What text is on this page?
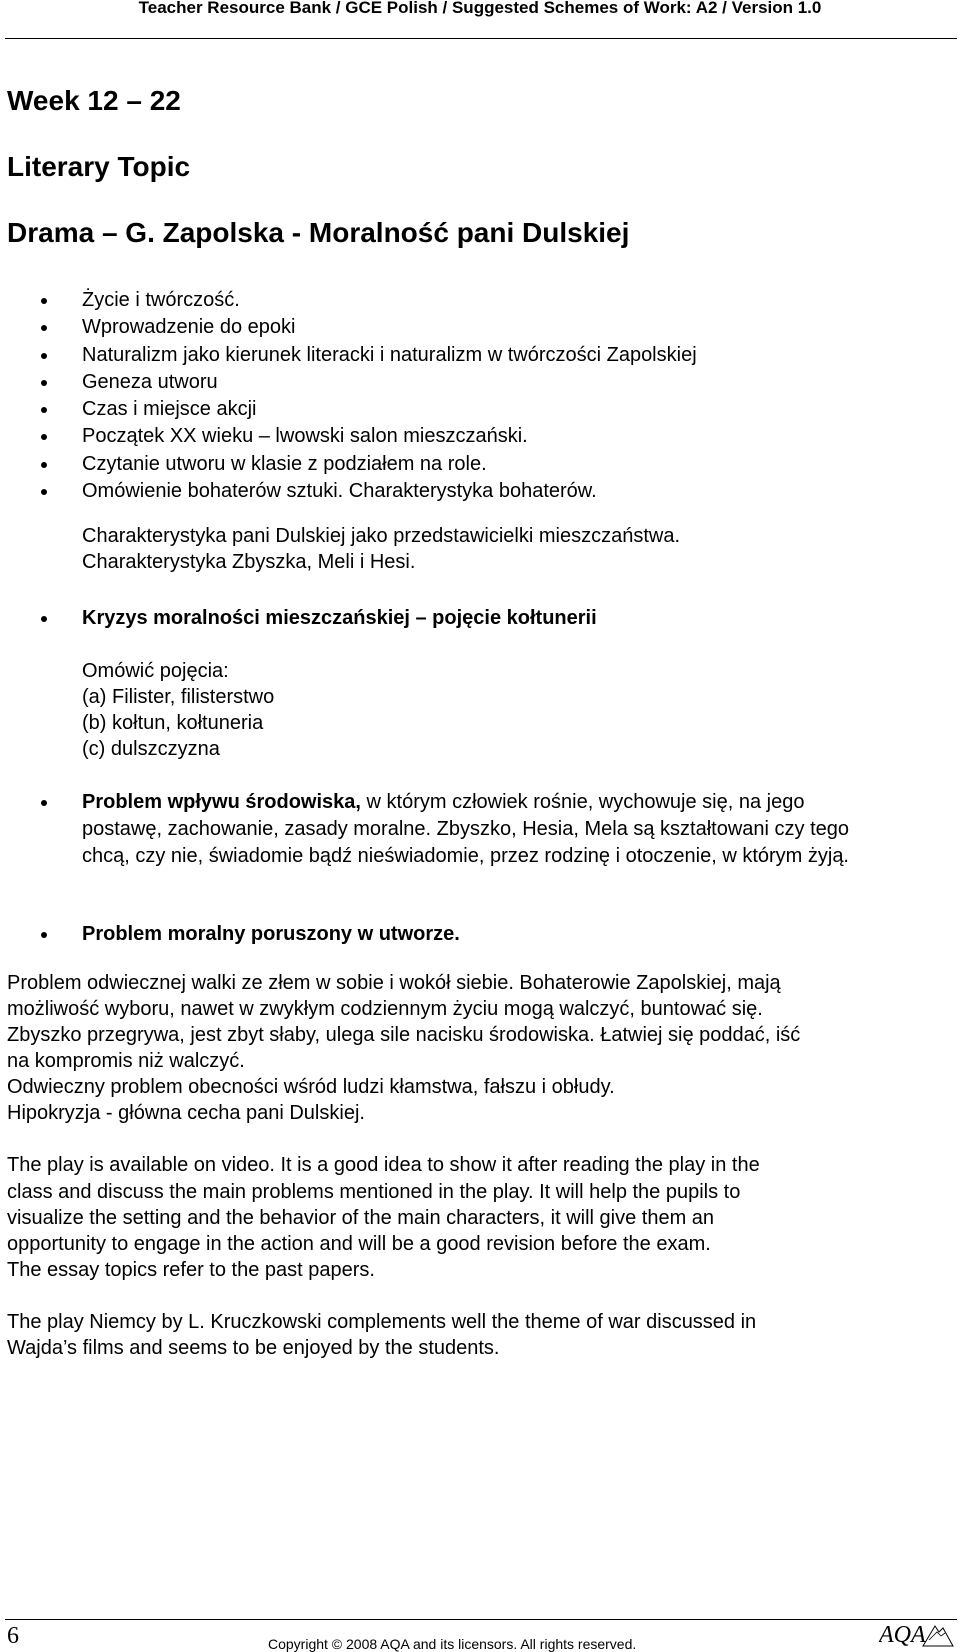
Teacher Resource Bank / GCE Polish / Suggested Schemes of Work: A2 / Version 1.0
Week 12 – 22
Literary Topic
Drama – G. Zapolska - Moralność pani Dulskiej
Życie i twórczość.
Wprowadzenie do epoki
Naturalizm jako kierunek literacki i naturalizm w twórczości Zapolskiej
Geneza utworu
Czas i miejsce akcji
Początek XX wieku – lwowski salon mieszczański.
Czytanie utworu w klasie z podziałem na role.
Omówienie bohaterów sztuki. Charakterystyka bohaterów.
Charakterystyka pani Dulskiej jako przedstawicielki mieszczaństwa.
Charakterystyka Zbyszka, Meli i Hesi.
Kryzys moralności mieszczańskiej – pojęcie kołtunerii
Omówić pojęcia:
(a) Filister, filisterstwo
(b) kołtun, kołtuneria
(c) dulszczyzna
Problem wpływu środowiska, w którym człowiek rośnie, wychowuje się, na jego postawę, zachowanie, zasady moralne. Zbyszko, Hesia, Mela są kształtowani czy tego chcą, czy nie, świadomie bądź nieświadomie, przez rodzinę i otoczenie, w którym żyją.
Problem moralny poruszony w utworze.
Problem odwiecznej walki ze złem w sobie i wokół siebie. Bohaterowie Zapolskiej, mają
możliwość wyboru, nawet w zwykłym codziennym życiu mogą walczyć, buntować się.
Zbyszko przegrywa, jest zbyt słaby, ulega sile nacisku środowiska. Łatwiej się poddać, iść
na kompromis niż walczyć.
Odwieczny problem obecności wśród ludzi kłamstwa, fałszu i obłudy.
Hipokryzja - główna cecha pani Dulskiej.
The play is available on video. It is a good idea to show it after reading the play in the
class and discuss the main problems mentioned in the play. It will help the pupils to
visualize the setting and the behavior of the main characters, it will give them an
opportunity to engage in the action and will be a good revision before the exam.
The essay topics refer to the past papers.
The play Niemcy by L. Kruczkowski complements well the theme of war discussed in
Wajda’s films and seems to be enjoyed by the students.
6	Copyright © 2008 AQA and its licensors. All rights reserved.	AQA
